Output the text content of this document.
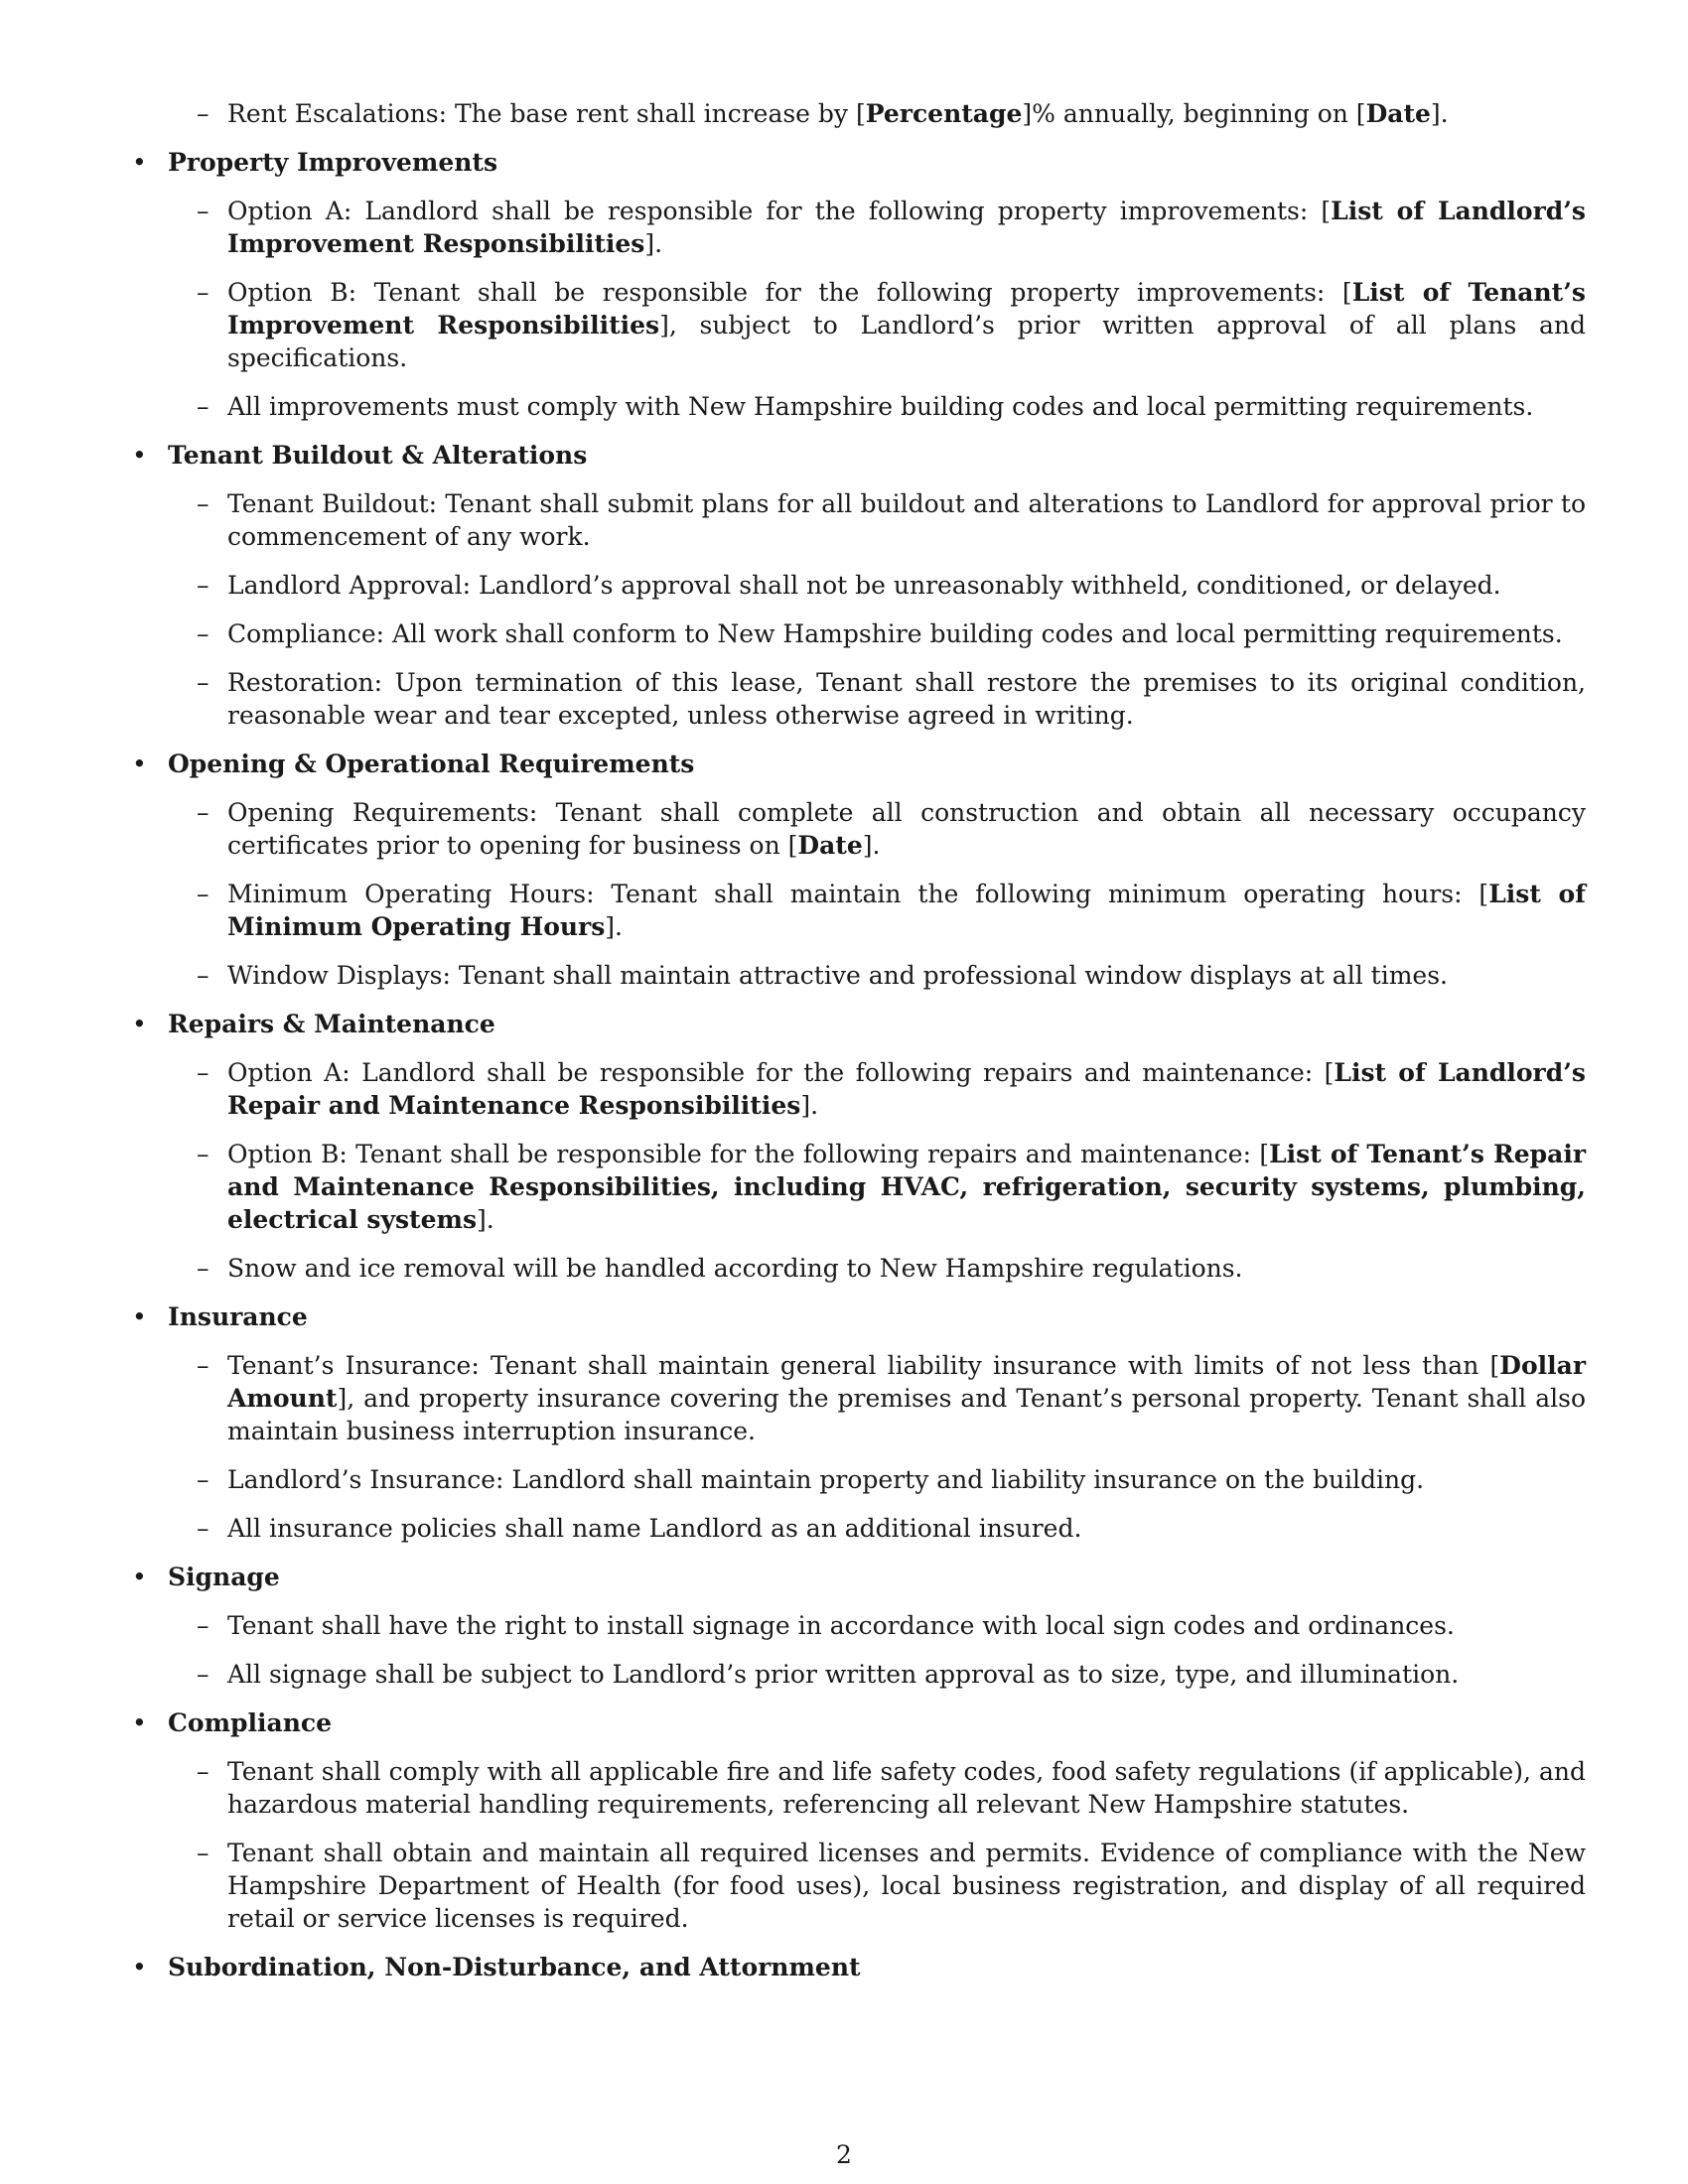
– Rent Escalations: The base rent shall increase by [Percentage]% annually, beginning on [Date].
• Property Improvements
– Option A: Landlord shall be responsible for the following property improvements: [List of Landlord’s Improvement Responsibilities].
– Option B: Tenant shall be responsible for the following property improvements: [List of Tenant’s Improvement Responsibilities], subject to Landlord’s prior written approval of all plans and specifications.
– All improvements must comply with New Hampshire building codes and local permitting requirements.
• Tenant Buildout & Alterations
– Tenant Buildout: Tenant shall submit plans for all buildout and alterations to Landlord for approval prior to commencement of any work.
– Landlord Approval: Landlord’s approval shall not be unreasonably withheld, conditioned, or delayed.
– Compliance: All work shall conform to New Hampshire building codes and local permitting requirements.
– Restoration: Upon termination of this lease, Tenant shall restore the premises to its original condition, reasonable wear and tear excepted, unless otherwise agreed in writing.
• Opening & Operational Requirements
– Opening Requirements: Tenant shall complete all construction and obtain all necessary occupancy certificates prior to opening for business on [Date].
– Minimum Operating Hours: Tenant shall maintain the following minimum operating hours: [List of Minimum Operating Hours].
– Window Displays: Tenant shall maintain attractive and professional window displays at all times.
• Repairs & Maintenance
– Option A: Landlord shall be responsible for the following repairs and maintenance: [List of Landlord’s Repair and Maintenance Responsibilities].
– Option B: Tenant shall be responsible for the following repairs and maintenance: [List of Tenant’s Repair and Maintenance Responsibilities, including HVAC, refrigeration, security systems, plumbing, electrical systems].
– Snow and ice removal will be handled according to New Hampshire regulations.
• Insurance
– Tenant’s Insurance: Tenant shall maintain general liability insurance with limits of not less than [Dollar Amount], and property insurance covering the premises and Tenant’s personal property. Tenant shall also maintain business interruption insurance.
– Landlord’s Insurance: Landlord shall maintain property and liability insurance on the building.
– All insurance policies shall name Landlord as an additional insured.
• Signage
– Tenant shall have the right to install signage in accordance with local sign codes and ordinances.
– All signage shall be subject to Landlord’s prior written approval as to size, type, and illumination.
• Compliance
– Tenant shall comply with all applicable fire and life safety codes, food safety regulations (if applicable), and hazardous material handling requirements, referencing all relevant New Hampshire statutes.
– Tenant shall obtain and maintain all required licenses and permits. Evidence of compliance with the New Hampshire Department of Health (for food uses), local business registration, and display of all required retail or service licenses is required.
• Subordination, Non-Disturbance, and Attornment
2
